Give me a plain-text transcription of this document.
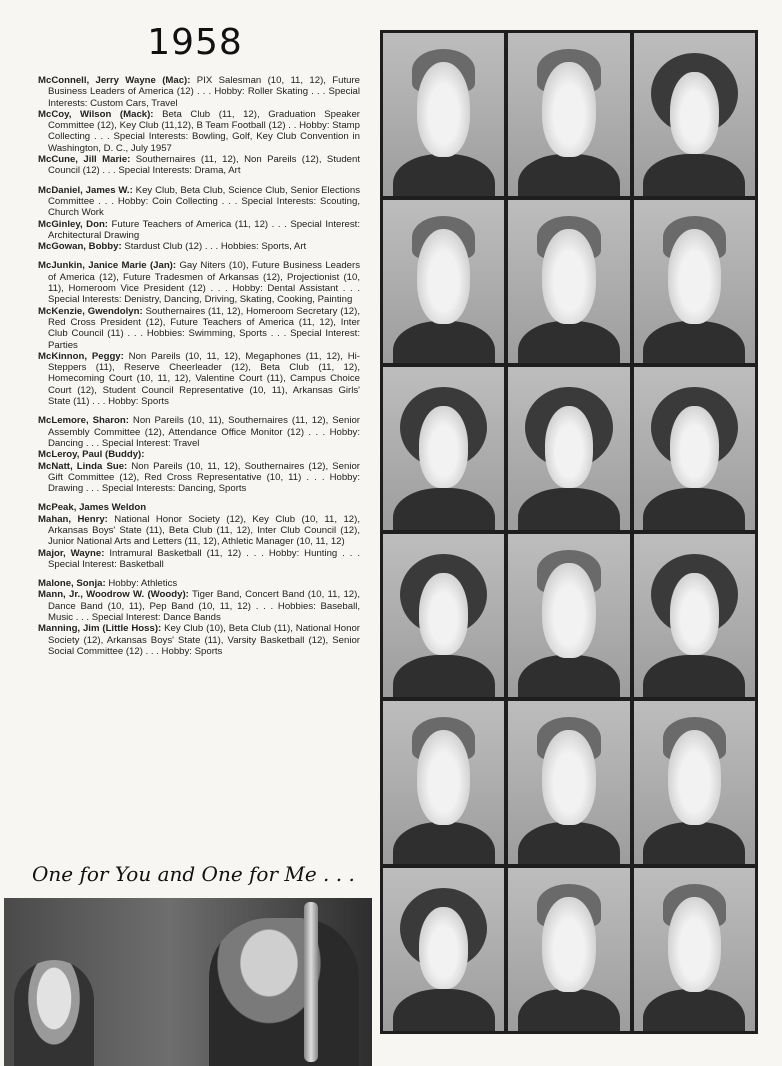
1958

McConnell, Jerry Wayne (Mac): PIX Salesman (10, 11, 12), Future Business Leaders of America (12) . . . Hobby: Roller Skating . . . Special Interests: Custom Cars, Travel

McCoy, Wilson (Mack): Beta Club (11, 12), Graduation Speaker Committee (12), Key Club (11,12), B Team Football (12) . . Hobby: Stamp Collecting . . . Special Interests: Bowling, Golf, Key Club Convention in Washington, D. C., July 1957

McCune, Jill Marie: Southernaires (11, 12), Non Pareils (12), Student Council (12) . . . Special Interests: Drama, Art

McDaniel, James W.: Key Club, Beta Club, Science Club, Senior Elections Committee . . . Hobby: Coin Collecting . . . Special Interests: Scouting, Church Work

McGinley, Don: Future Teachers of America (11, 12) . . . Special Interest: Architectural Drawing

McGowan, Bobby: Stardust Club (12) . . . Hobbies: Sports, Art

McJunkin, Janice Marie (Jan): Gay Niters (10), Future Business Leaders of America (12), Future Tradesmen of Arkansas (12), Projectionist (10, 11), Homeroom Vice President (12) . . . Hobby: Dental Assistant . . . Special Interests: Denistry, Dancing, Driving, Skating, Cooking, Painting

McKenzie, Gwendolyn: Southernaires (11, 12), Homeroom Secretary (12), Red Cross President (12), Future Teachers of America (11, 12), Inter Club Council (11) . . . Hobbies: Swimming, Sports . . . Special Interest: Parties

McKinnon, Peggy: Non Pareils (10, 11, 12), Megaphones (11, 12), Hi-Steppers (11), Reserve Cheerleader (12), Beta Club (11, 12), Homecoming Court (10, 11, 12), Valentine Court (11), Campus Choice Court (12), Student Council Representative (10, 11), Arkansas Girls' State (11) . . . Hobby: Sports

McLemore, Sharon: Non Pareils (10, 11), Southernaires (11, 12), Senior Assembly Committee (12), Attendance Office Monitor (12) . . . Hobby: Dancing . . . Special Interest: Travel

McLeroy, Paul (Buddy):

McNatt, Linda Sue: Non Pareils (10, 11, 12), Southernaires (12), Senior Gift Committee (12), Red Cross Representative (10, 11) . . . Hobby: Drawing . . . Special Interests: Dancing, Sports

McPeak, James Weldon

Mahan, Henry: National Honor Society (12), Key Club (10, 11, 12), Arkansas Boys' State (11), Beta Club (11, 12), Inter Club Council (12), Junior National Arts and Letters (11, 12), Athletic Manager (10, 11, 12)

Major, Wayne: Intramural Basketball (11, 12) . . . Hobby: Hunting . . . Special Interest: Basketball

Malone, Sonja: Hobby: Athletics

Mann, Jr., Woodrow W. (Woody): Tiger Band, Concert Band (10, 11, 12), Dance Band (10, 11), Pep Band (10, 11, 12) . . . Hobbies: Baseball, Music . . . Special Interest: Dance Bands

Manning, Jim (Little Hoss): Key Club (10), Beta Club (11), National Honor Society (12), Arkansas Boys' State (11), Varsity Basketball (12), Senior Social Committee (12) . . . Hobby: Sports

One for You and One for Me . . .
